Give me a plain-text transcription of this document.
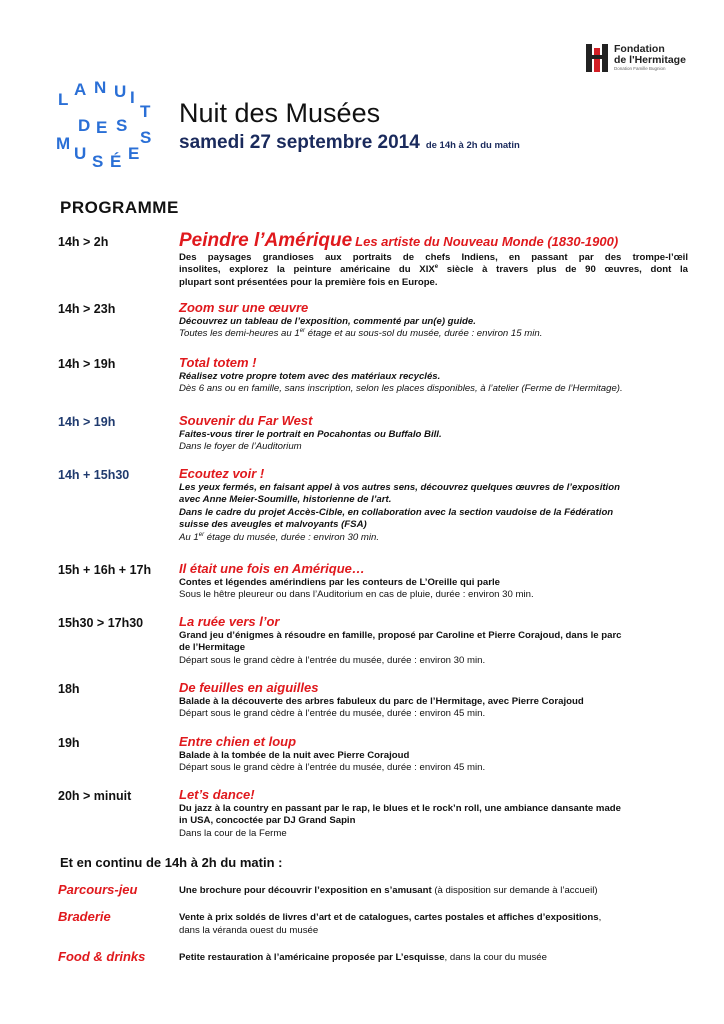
L
A N U I
T
D E S
M
U S É E
S
Fondation
de l'Hermitage
Donation Famille Bugnion
Nuit des Musées
samedi 27 septembre 2014 de 14h à 2h du matin
PROGRAMME
14h > 2h	Peindre l’Amérique Les artiste du Nouveau Monde (1830-1900)
Des paysages grandioses aux portraits de chefs Indiens, en passant par des trompe-l’œil
insolites, explorez la peinture américaine du XIXe siècle à travers plus de 90 œuvres, dont la
plupart sont présentées pour la première fois en Europe.
14h > 23h	Zoom sur une œuvre
Découvrez un tableau de l’exposition, commenté par un(e) guide.
Toutes les demi-heures au 1er étage et au sous-sol du musée, durée : environ 15 min.
14h > 19h	Total totem !
Réalisez votre propre totem avec des matériaux recyclés.
Dès 6 ans ou en famille, sans inscription, selon les places disponibles, à l’atelier (Ferme de l’Hermitage).
14h > 19h	Souvenir du Far West
Faites-vous tirer le portrait en Pocahontas ou Buffalo Bill.
Dans le foyer de l’Auditorium
14h + 15h30	Ecoutez voir !
Les yeux fermés, en faisant appel à vos autres sens, découvrez quelques œuvres de l’exposition
avec Anne Meier-Soumille, historienne de l’art.
Dans le cadre du projet Accès-Cible, en collaboration avec la section vaudoise de la Fédération
suisse des aveugles et malvoyants (FSA)
Au 1er étage du musée, durée : environ 30 min.
15h + 16h + 17h Il était une fois en Amérique…
Contes et légendes amérindiens par les conteurs de L’Oreille qui parle
Sous le hêtre pleureur ou dans l’Auditorium en cas de pluie, durée : environ 30 min.
15h30 > 17h30	La ruée vers l’or
Grand jeu d’énigmes à résoudre en famille, proposé par Caroline et Pierre Corajoud, dans le parc
de l’Hermitage
Départ sous le grand cèdre à l’entrée du musée, durée : environ 30 min.
18h	De feuilles en aiguilles
Balade à la découverte des arbres fabuleux du parc de l’Hermitage, avec Pierre Corajoud
Départ sous le grand cèdre à l’entrée du musée, durée : environ 45 min.
19h	Entre chien et loup
Balade à la tombée de la nuit avec Pierre Corajoud
Départ sous le grand cèdre à l’entrée du musée, durée : environ 45 min.
20h > minuit	Let’s dance!
Du jazz à la country en passant par le rap, le blues et le rock’n roll, une ambiance dansante made
in USA, concoctée par DJ Grand Sapin
Dans la cour de la Ferme
Et en continu de 14h à 2h du matin :
Parcours-jeu	Une brochure pour découvrir l’exposition en s’amusant (à disposition sur demande à l’accueil)
Braderie	Vente à prix soldés de livres d’art et de catalogues, cartes postales et affiches d’expositions,
dans la véranda ouest du musée
Food & drinks	Petite restauration à l’américaine proposée par L’esquisse, dans la cour du musée
